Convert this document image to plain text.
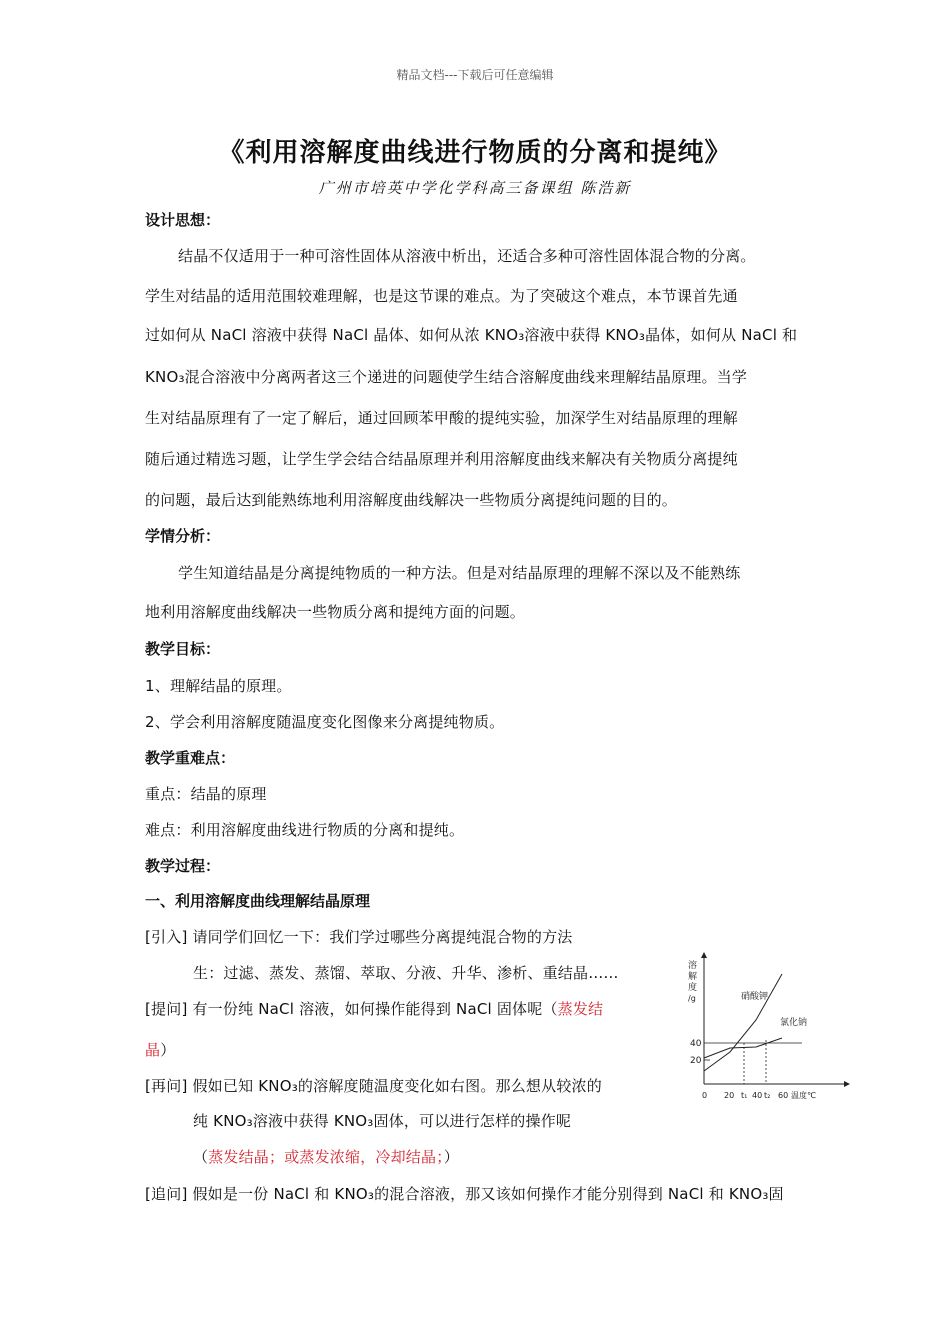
精品文档---下载后可任意编辑
《利用溶解度曲线进行物质的分离和提纯》
广州市培英中学化学科高三备课组 陈浩新
设计思想：
结晶不仅适用于一种可溶性固体从溶液中析出，还适合多种可溶性固体混合物的分离。
学生对结晶的适用范围较难理解，也是这节课的难点。为了突破这个难点，本节课首先通
过如何从 NaCl 溶液中获得 NaCl 晶体、如何从浓 KNO₃溶液中获得 KNO₃晶体，如何从 NaCl 和
KNO₃混合溶液中分离两者这三个递进的问题使学生结合溶解度曲线来理解结晶原理。当学
生对结晶原理有了一定了解后，通过回顾苯甲酸的提纯实验，加深学生对结晶原理的理解
随后通过精选习题，让学生学会结合结晶原理并利用溶解度曲线来解决有关物质分离提纯
的问题，最后达到能熟练地利用溶解度曲线解决一些物质分离提纯问题的目的。
学情分析：
学生知道结晶是分离提纯物质的一种方法。但是对结晶原理的理解不深以及不能熟练
地利用溶解度曲线解决一些物质分离和提纯方面的问题。
教学目标：
1、理解结晶的原理。
2、学会利用溶解度随温度变化图像来分离提纯物质。
教学重难点：
重点：结晶的原理
难点：利用溶解度曲线进行物质的分离和提纯。
教学过程：
一、利用溶解度曲线理解结晶原理
[引入] 请同学们回忆一下：我们学过哪些分离提纯混合物的方法
生：过滤、蒸发、蒸馏、萃取、分液、升华、渗析、重结晶……
[提问] 有一份纯 NaCl 溶液，如何操作能得到 NaCl 固体呢（蒸发结
晶）
[再问] 假如已知 KNO₃的溶解度随温度变化如右图。那么想从较浓的
纯 KNO₃溶液中获得 KNO₃固体，可以进行怎样的操作呢
（蒸发结晶；或蒸发浓缩，冷却结晶；）
[追问] 假如是一份 NaCl 和 KNO₃的混合溶液，那又该如何操作才能分别得到 NaCl 和 KNO₃固
溶
解
度
/g
40
20
硝酸钾
氯化钠
0 20 t₁ 40 t₂ 60 温度℃
